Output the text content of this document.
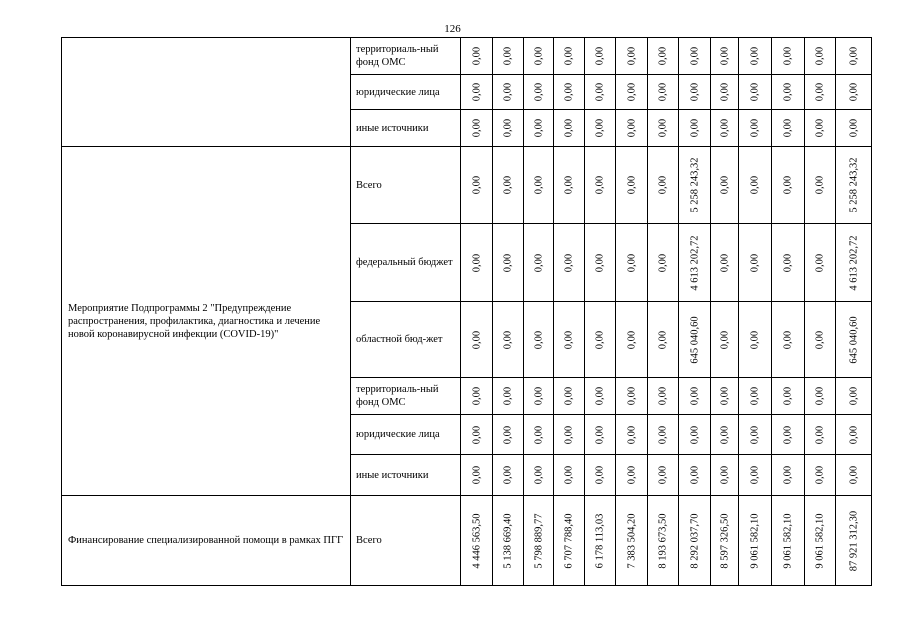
126
	территориаль-ный фонд ОМС	0,00	0,00	0,00	0,00	0,00	0,00	0,00	0,00	0,00	0,00	0,00	0,00	0,00

	юридические лица	0,00	0,00	0,00	0,00	0,00	0,00	0,00	0,00	0,00	0,00	0,00	0,00	0,00

	иные источники	0,00	0,00	0,00	0,00	0,00	0,00	0,00	0,00	0,00	0,00	0,00	0,00	0,00

Мероприятие Подпрограммы 2 "Предупреждение распространения, профилактика, диагностика и лечение новой коронавирусной инфекции (COVID-19)"	Всего	0,00	0,00	0,00	0,00	0,00	0,00	0,00	5 258 243,32	0,00	0,00	0,00	0,00	5 258 243,32

	федеральный бюджет	0,00	0,00	0,00	0,00	0,00	0,00	0,00	4 613 202,72	0,00	0,00	0,00	0,00	4 613 202,72

	областной бюд-жет	0,00	0,00	0,00	0,00	0,00	0,00	0,00	645 040,60	0,00	0,00	0,00	0,00	645 040,60

	территориаль-ный фонд ОМС	0,00	0,00	0,00	0,00	0,00	0,00	0,00	0,00	0,00	0,00	0,00	0,00	0,00

	юридические лица	0,00	0,00	0,00	0,00	0,00	0,00	0,00	0,00	0,00	0,00	0,00	0,00	0,00

	иные источники	0,00	0,00	0,00	0,00	0,00	0,00	0,00	0,00	0,00	0,00	0,00	0,00	0,00

Финансирование специализированной помощи в рамках ПГГ	Всего	4 446 563,50	5 138 669,40	5 798 889,77	6 707 788,40	6 178 113,03	7 383 504,20	8 193 673,50	8 292 037,70	8 597 326,50	9 061 582,10	9 061 582,10	9 061 582,10	87 921 312,30
